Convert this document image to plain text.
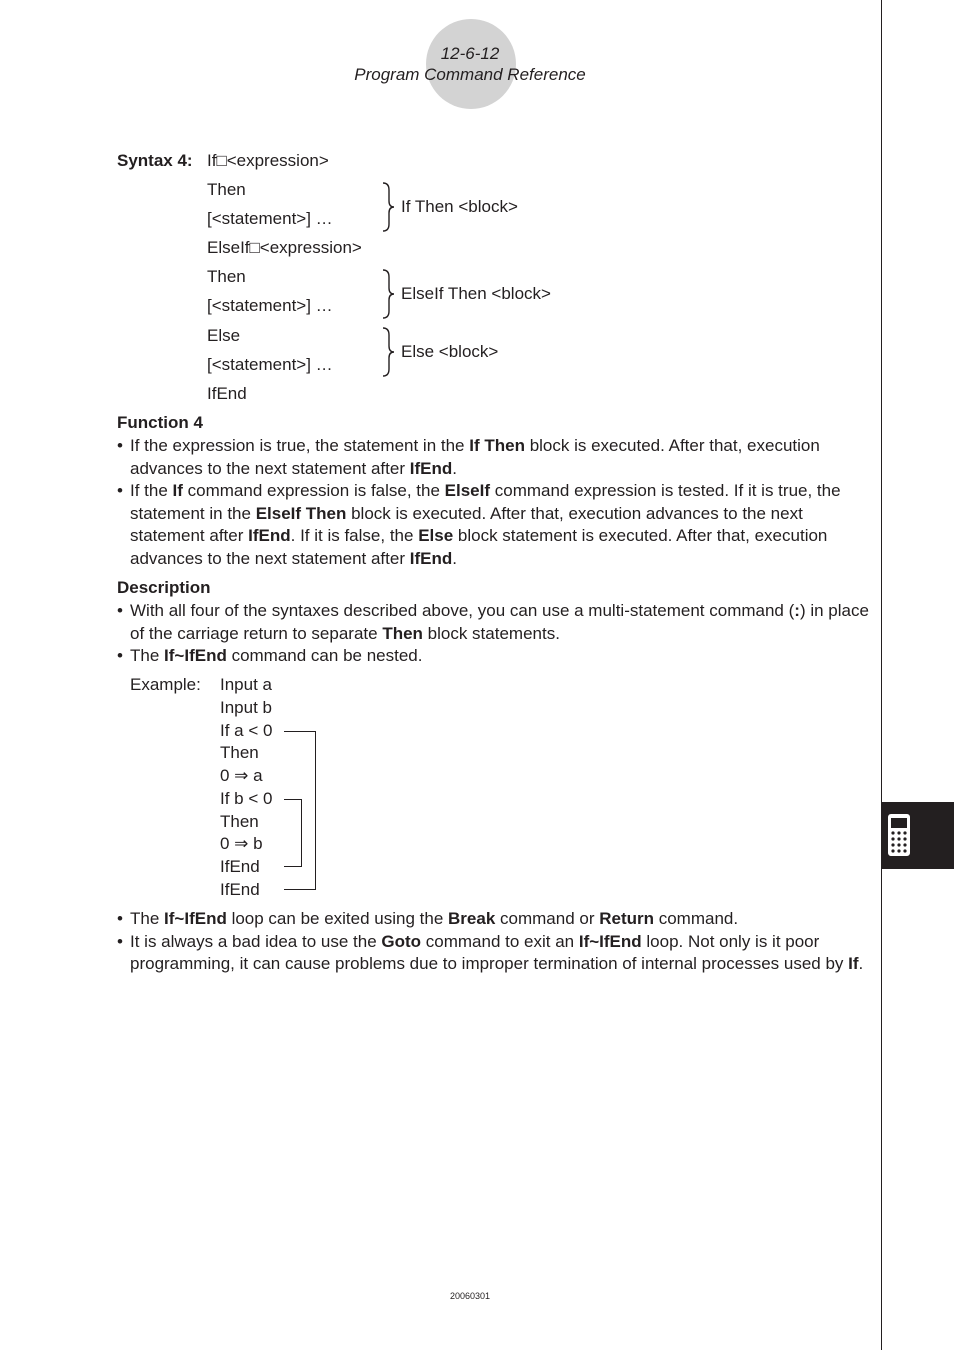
12-6-12
Program Command Reference
Syntax 4: If□<expression>
Then
[<statement>] …
ElseIf□<expression>
Then
[<statement>] …
Else
[<statement>] …
IfEnd
If Then <block>
ElseIf Then <block>
Else <block>
Function 4
• If the expression is true, the statement in the If Then block is executed. After that, execution advances to the next statement after IfEnd.
• If the If command expression is false, the ElseIf command expression is tested. If it is true, the statement in the ElseIf Then block is executed. After that, execution advances to the next statement after IfEnd. If it is false, the Else block statement is executed. After that, execution advances to the next statement after IfEnd.
Description
• With all four of the syntaxes described above, you can use a multi-statement command (:) in place of the carriage return to separate Then block statements.
• The If~IfEnd command can be nested.
Example: Input a
Input b
If a < 0
Then
0 ⇒ a
If b < 0
Then
0 ⇒ b
IfEnd
IfEnd
• The If~IfEnd loop can be exited using the Break command or Return command.
• It is always a bad idea to use the Goto command to exit an If~IfEnd loop. Not only is it poor programming, it can cause problems due to improper termination of internal processes used by If.
20060301
